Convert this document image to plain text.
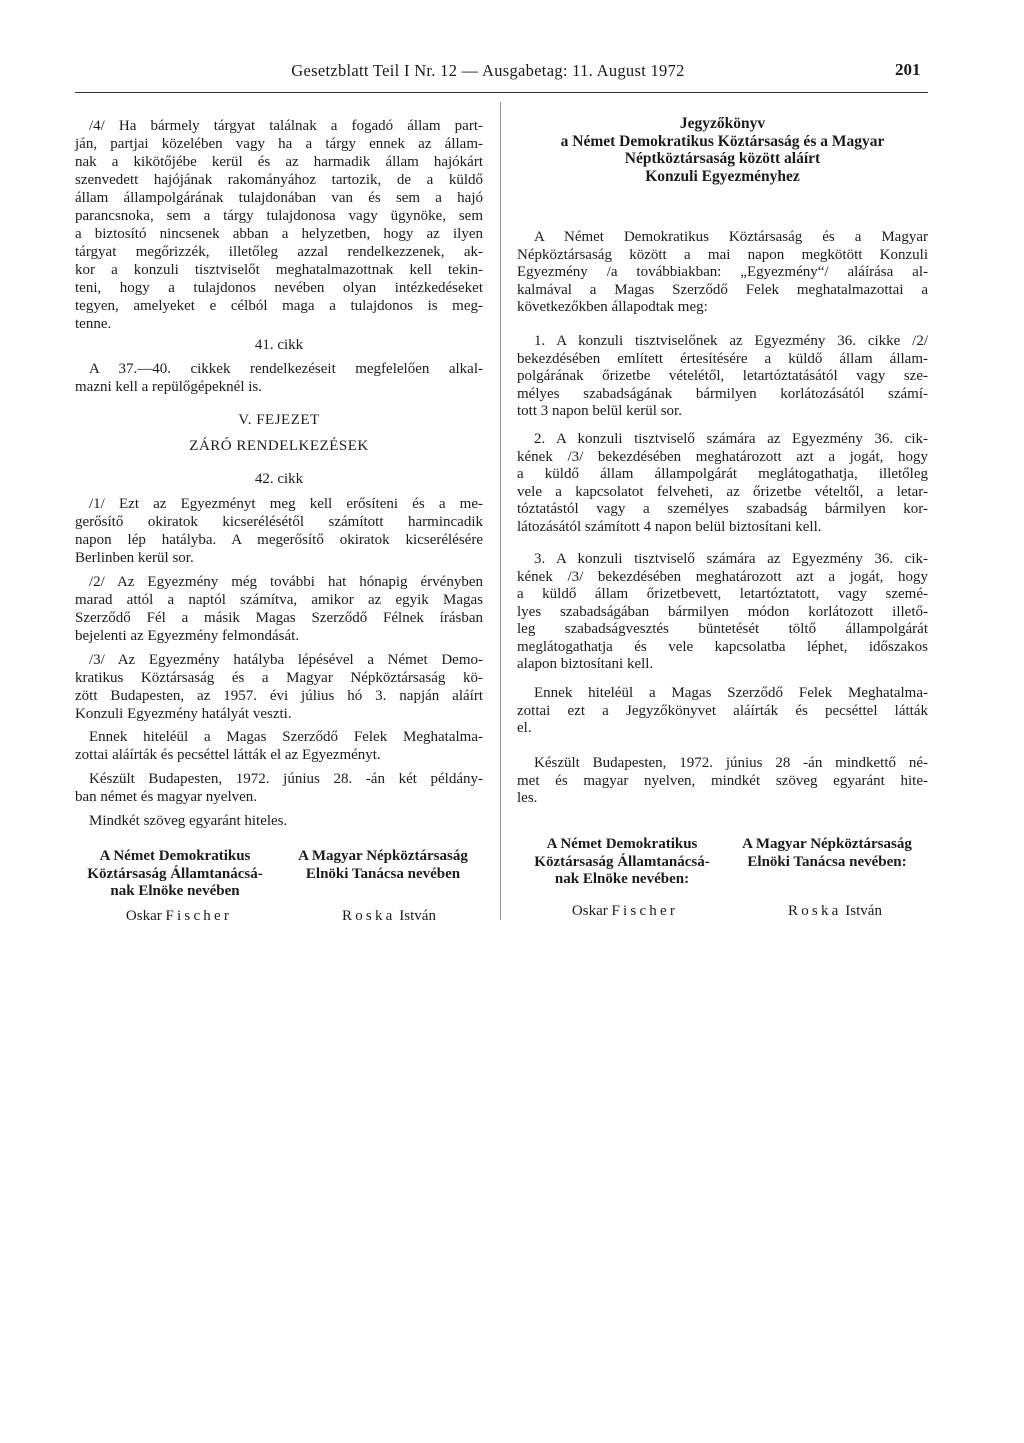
Gesetzblatt Teil I Nr. 12 — Ausgabetag: 11. August 1972	201
/4/ Ha bármely tárgyat találnak a fogadó állam part-
ján, partjai közelében vagy ha a tárgy ennek az állam-
nak a kikötőjébe kerül és az harmadik állam hajókárt
szenvedett hajójának rakományához tartozik, de a küldő
állam állampolgárának tulajdonában van és sem a hajó
parancsnoka, sem a tárgy tulajdonosa vagy ügynöke, sem
a biztosító nincsenek abban a helyzetben, hogy az ilyen
tárgyat megőrizzék, illetőleg azzal rendelkezzenek, ak-
kor a konzuli tisztviselőt meghatalmazottnak kell tekin-
teni, hogy a tulajdonos nevében olyan intézkedéseket
tegyen, amelyeket e célból maga a tulajdonos is meg-
tenne.
41. cikk
A 37.—40. cikkek rendelkezéseit megfelelően alkal-
mazni kell a repülőgépeknél is.
V. FEJEZET
ZÁRÓ RENDELKEZÉSEK
42. cikk
/1/ Ezt az Egyezményt meg kell erősíteni és a me-
gerősítő okiratok kicserélésétől számított harmincadik
napon lép hatályba. A megerősítő okiratok kicserélésére
Berlinben kerül sor.
/2/ Az Egyezmény még további hat hónapig érvényben
marad attól a naptól számítva, amikor az egyik Magas
Szerződő Fél a másik Magas Szerződő Félnek írásban
bejelenti az Egyezmény felmondását.
/3/ Az Egyezmény hatályba lépésével a Német Demo-
kratikus Köztársaság és a Magyar Népköztársaság kö-
zött Budapesten, az 1957. évi július hó 3. napján aláírt
Konzuli Egyezmény hatályát veszti.
Ennek hiteléül a Magas Szerződő Felek Meghatalma-
zottai aláírták és pecséttel látták el az Egyezményt.
Készült Budapesten, 1972. június 28. -án két példány-
ban német és magyar nyelven.
Mindkét szöveg egyaránt hiteles.
A Német Demokratikus
Köztársaság Államtanácsá-
nak Elnöke nevében
A Magyar Népköztársaság
Elnöki Tanácsa nevében
Oskar Fischer	Roska István
Jegyzőkönyv
a Német Demokratikus Köztársaság és a Magyar
Néptköztársaság között aláírt
Konzuli Egyezményhez
A Német Demokratikus Köztársaság és a Magyar
Népköztársaság között a mai napon megkötött Konzuli
Egyezmény /a továbbiakban: „Egyezmény“/ aláírása al-
kalmával a Magas Szerződő Felek meghatalmazottai a
következőkben állapodtak meg:
1. A konzuli tisztviselőnek az Egyezmény 36. cikke /2/
bekezdésében említett értesítésére a küldő állam állam-
polgárának őrizetbe vételétől, letartóztatásától vagy sze-
mélyes szabadságának bármilyen korlátozásától számí-
tott 3 napon belül kerül sor.
2. A konzuli tisztviselő számára az Egyezmény 36. cik-
kének /3/ bekezdésében meghatározott azt a jogát, hogy
a küldő állam állampolgárát meglátogathatja, illetőleg
vele a kapcsolatot felveheti, az őrizetbe vételtől, a letar-
tóztatástól vagy a személyes szabadság bármilyen kor-
látozásától számított 4 napon belül biztosítani kell.
3. A konzuli tisztviselő számára az Egyezmény 36. cik-
kének /3/ bekezdésében meghatározott azt a jogát, hogy
a küldő állam őrizetbevett, letartóztatott, vagy szemé-
lyes szabadságában bármilyen módon korlátozott illető-
leg szabadságvesztés büntetését töltő állampolgárát
meglátogathatja és vele kapcsolatba léphet, időszakos
alapon biztosítani kell.
Ennek hiteléül a Magas Szerződő Felek Meghatalma-
zottai ezt a Jegyzőkönyvet aláírták és pecséttel látták
el.
Készült Budapesten, 1972. június 28 -án mindkettő né-
met és magyar nyelven, mindkét szöveg egyaránt hite-
les.
A Német Demokratikus
Köztársaság Államtanácsá-
nak Elnöke nevében:
A Magyar Népköztársaság
Elnöki Tanácsa nevében:
Oskar Fischer	Roska István
